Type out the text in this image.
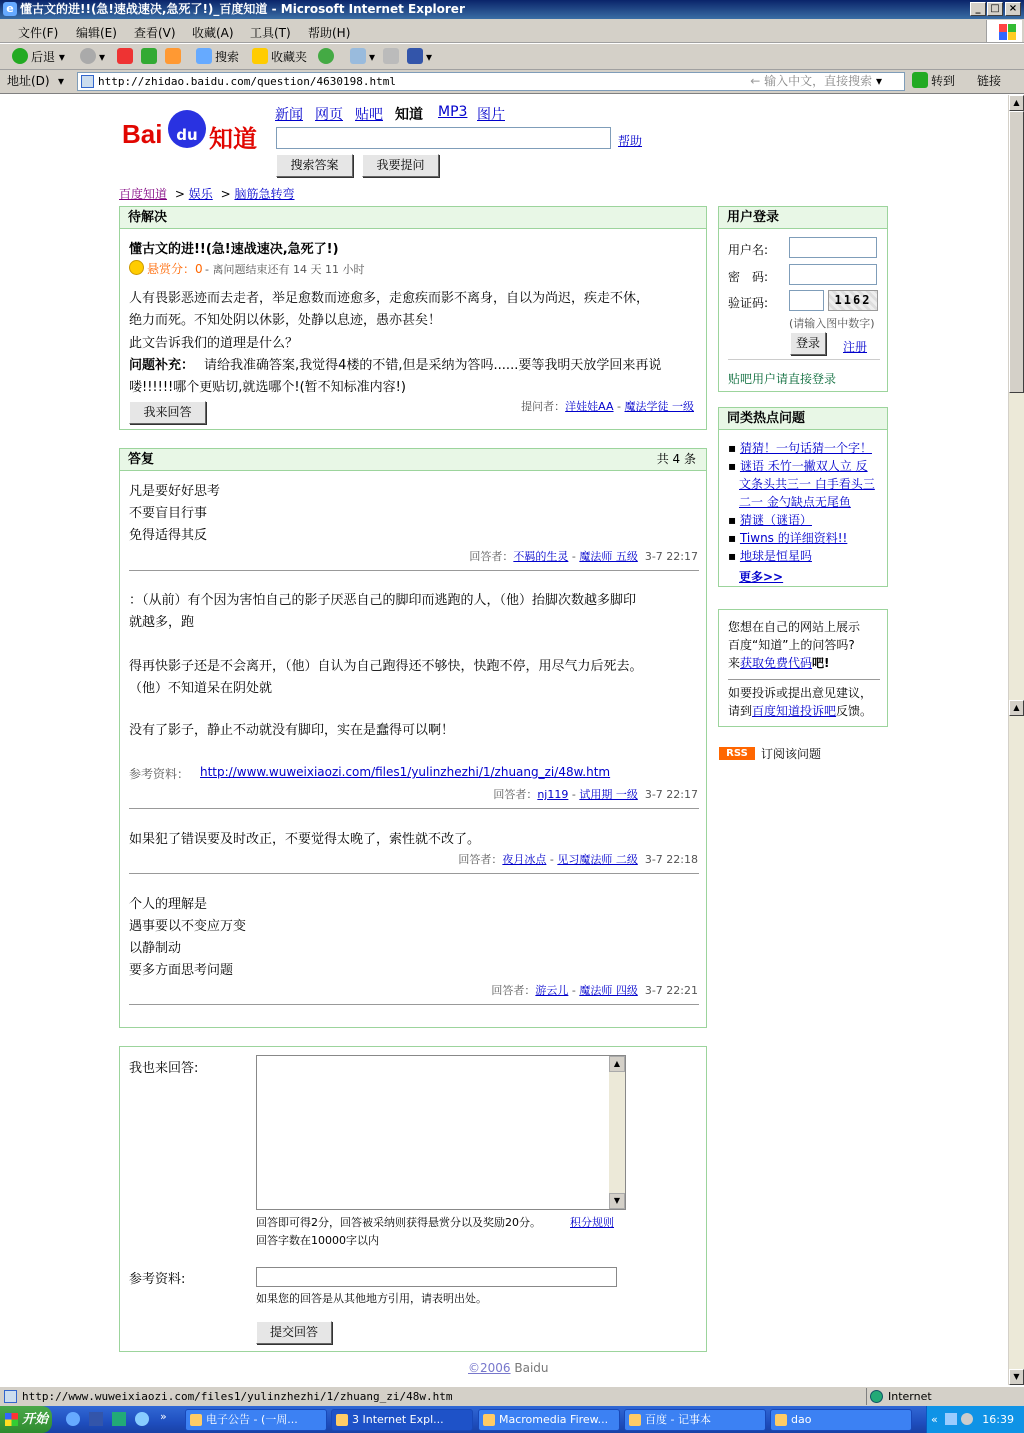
e 懂古文的进!!(急!速战速决,急死了!)_百度知道 - Microsoft Internet Explorer	_ □ ×
文件(F) 编辑(E) 查看(V) 收藏(A) 工具(T) 帮助(H)
后退 ▾	▾	搜索	收藏夹	▾	▾
地址(D) ▾	http://zhidao.baidu.com/question/4630198.html	← 输入中文，直接搜索 ▾	转到 链接
Bai du 知道
新闻 网页 贴吧 知道 MP3 图片
帮助
搜索答案	我要提问
百度知道 > 娱乐 > 脑筋急转弯
待解决
懂古文的进!!(急!速战速决,急死了!)
悬赏分：0 - 离问题结束还有 14 天 11 小时
人有畏影恶迹而去走者，举足愈数而迹愈多，走愈疾而影不离身，自以为尚迟，疾走不休，
绝力而死。不知处阴以休影，处静以息迹，愚亦甚矣！
此文告诉我们的道理是什么？
问题补充： 请给我准确答案,我觉得4楼的不错,但是采纳为答吗......要等我明天放学回来再说
喽!!!!!!哪个更贴切,就选哪个!(暂不知标准内容!)
提问者：洋娃娃AA - 魔法学徒 一级
我来回答
答复	共 4 条
凡是要好好思考
不要盲目行事
免得适得其反
回答者：不羁的生灵 - 魔法师 五级 3-7 22:17
：（从前）有个因为害怕自己的影子厌恶自己的脚印而逃跑的人，（他）抬脚次数越多脚印
就越多，跑
得再快影子还是不会离开，（他）自认为自己跑得还不够快，快跑不停，用尽气力后死去。
（他）不知道呆在阴处就
没有了影子，静止不动就没有脚印，实在是蠢得可以啊！
参考资料： http://www.wuweixiaozi.com/files1/yulinzhezhi/1/zhuang_zi/48w.htm
回答者：nj119 - 试用期 一级 3-7 22:17
如果犯了错误要及时改正，不要觉得太晚了，索性就不改了。
回答者：夜月冰点 - 见习魔法师 二级 3-7 22:18
个人的理解是
遇事要以不变应万变
以静制动
要多方面思考问题
回答者：游云儿 - 魔法师 四级 3-7 22:21
我也来回答:	▲
▼
回答即可得2分，回答被采纳则获得悬赏分以及奖励20分。	积分规则
回答字数在10000字以内
参考资料:
如果您的回答是从其他地方引用，请表明出处。
提交回答
©2006 Baidu
用户登录
用户名:
密　码:
验证码:	1162
(请输入图中数字)
登录	注册
贴吧用户请直接登录
同类热点问题
▪ 猜猜！一句话猜一个字！
▪ 谜语 禾竹一撇双人立 反
文条头共三一 白手看头三
二一 金勺缺点无尾鱼
▪ 猜谜（谜语）
▪ Tiwns 的详细资料!!
▪ 地球是恒星吗
更多>>
您想在自己的网站上展示
百度“知道”上的问答吗?
来获取免费代码吧!
如要投诉或提出意见建议，
请到百度知道投诉吧反馈。
RSS	订阅该问题
▲
▲
▼
http://www.wuweixiaozi.com/files1/yulinzhezhi/1/zhuang_zi/48w.htm	Internet
开始	»	电子公告 - (一周...	3 Internet Expl...	Macromedia Firew...	百度 - 记事本	dao	«	16:39
